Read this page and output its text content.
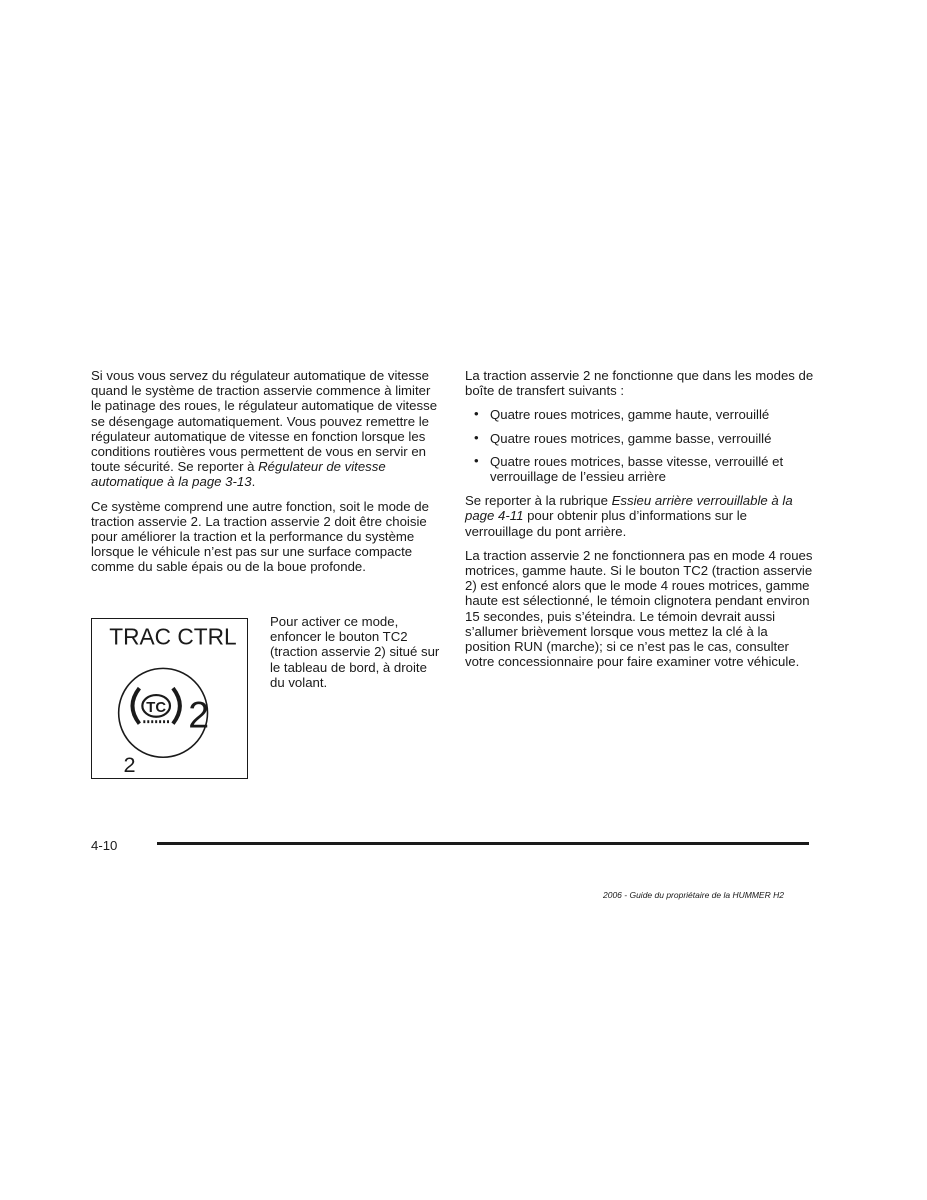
Si vous vous servez du régulateur automatique de vitesse quand le système de traction asservie commence à limiter le patinage des roues, le régulateur automatique de vitesse se désengage automatiquement. Vous pouvez remettre le régulateur automatique de vitesse en fonction lorsque les conditions routières vous permettent de vous en servir en toute sécurité. Se reporter à Régulateur de vitesse automatique à la page 3-13.

Ce système comprend une autre fonction, soit le mode de traction asservie 2. La traction asservie 2 doit être choisie pour améliorer la traction et la performance du système lorsque le véhicule n’est pas sur une surface compacte comme du sable épais ou de la boue profonde.

TRAC CTRL
TC 2
2
Pour activer ce mode, enfoncer le bouton TC2 (traction asservie 2) situé sur le tableau de bord, à droite du volant.

La traction asservie 2 ne fonctionne que dans les modes de boîte de transfert suivants :

• Quatre roues motrices, gamme haute, verrouillé
• Quatre roues motrices, gamme basse, verrouillé
• Quatre roues motrices, basse vitesse, verrouillé et verrouillage de l’essieu arrière

Se reporter à la rubrique Essieu arrière verrouillable à la page 4-11 pour obtenir plus d’informations sur le verrouillage du pont arrière.

La traction asservie 2 ne fonctionnera pas en mode 4 roues motrices, gamme haute. Si le bouton TC2 (traction asservie 2) est enfoncé alors que le mode 4 roues motrices, gamme haute est sélectionné, le témoin clignotera pendant environ 15 secondes, puis s’éteindra. Le témoin devrait aussi s’allumer brièvement lorsque vous mettez la clé à la position RUN (marche); si ce n’est pas le cas, consulter votre concessionnaire pour faire examiner votre véhicule.

4-10
2006 - Guide du propriétaire de la HUMMER H2
